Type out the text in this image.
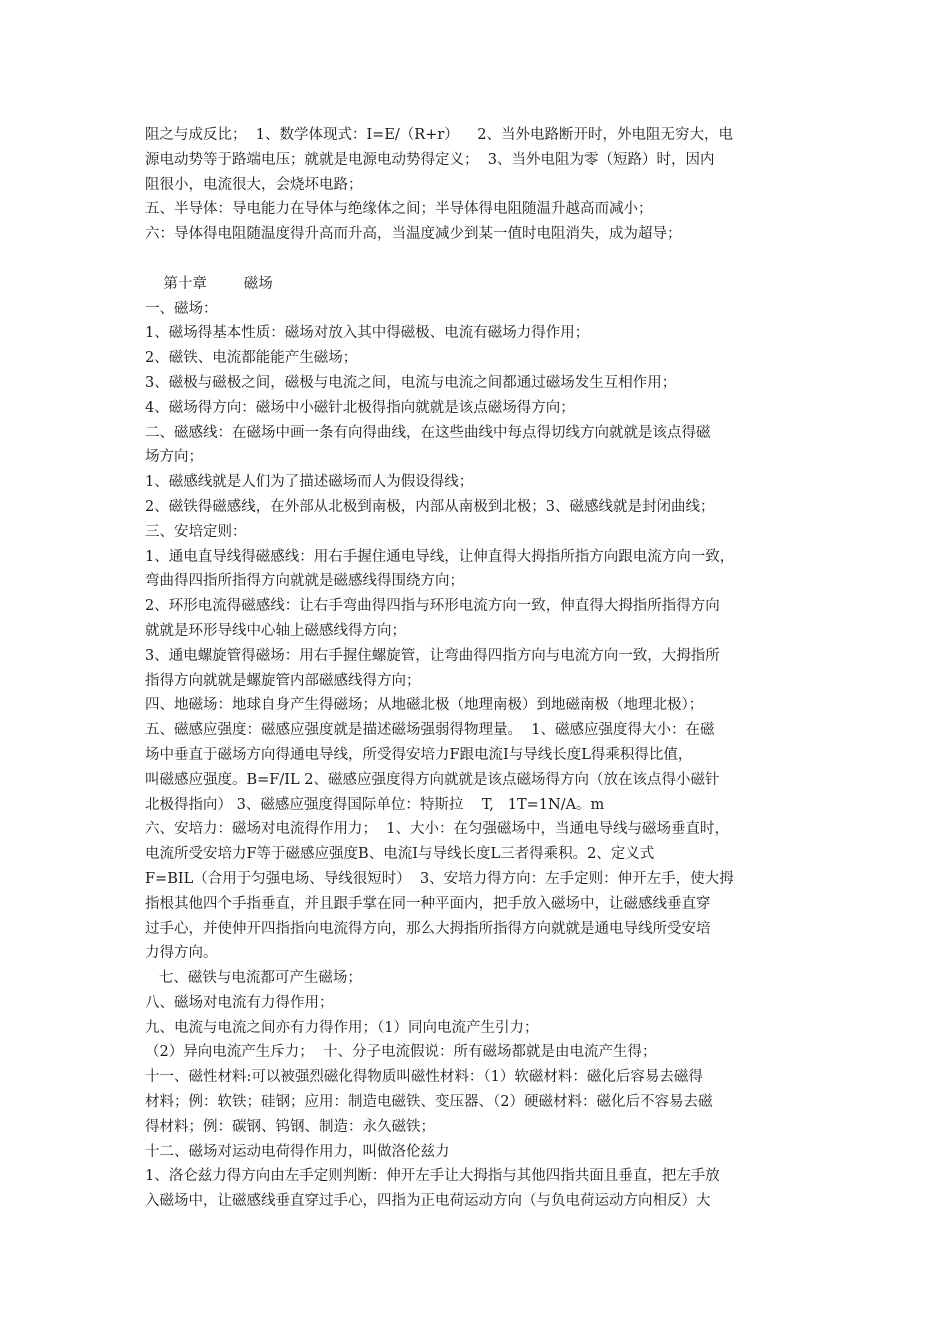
阻之与成反比；  1、数学体现式：I=E/（R+r）    2、当外电路断开时，外电阻无穷大，电

源电动势等于路端电压；就就是电源电动势得定义；  3、当外电阻为零（短路）时，因内

阻很小，电流很大，会烧坏电路；

五、半导体：导电能力在导体与绝缘体之间；半导体得电阻随温升越高而减小；

六：导体得电阻随温度得升高而升高，当温度减少到某一值时电阻消失，成为超导；

第十章        磁场

一、磁场：

1、磁场得基本性质：磁场对放入其中得磁极、电流有磁场力得作用；

2、磁铁、电流都能能产生磁场；

3、磁极与磁极之间，磁极与电流之间，电流与电流之间都通过磁场发生互相作用；

4、磁场得方向：磁场中小磁针北极得指向就就是该点磁场得方向；

二、磁感线：在磁场中画一条有向得曲线，在这些曲线中每点得切线方向就就是该点得磁

场方向；

1、磁感线就是人们为了描述磁场而人为假设得线；

2、磁铁得磁感线，在外部从北极到南极，内部从南极到北极；3、磁感线就是封闭曲线；

三、安培定则：

1、通电直导线得磁感线：用右手握住通电导线，让伸直得大拇指所指方向跟电流方向一致，

弯曲得四指所指得方向就就是磁感线得围绕方向；

2、环形电流得磁感线：让右手弯曲得四指与环形电流方向一致，伸直得大拇指所指得方向

就就是环形导线中心轴上磁感线得方向；

3、通电螺旋管得磁场：用右手握住螺旋管，让弯曲得四指方向与电流方向一致，大拇指所

指得方向就就是螺旋管内部磁感线得方向；

四、地磁场：地球自身产生得磁场；从地磁北极（地理南极）到地磁南极（地理北极）；

五、磁感应强度：磁感应强度就是描述磁场强弱得物理量。  1、磁感应强度得大小：在磁

场中垂直于磁场方向得通电导线，所受得安培力F跟电流I与导线长度L得乘积得比值，

叫磁感应强度。B=F/IL 2、磁感应强度得方向就就是该点磁场得方向（放在该点得小磁针

北极得指向） 3、磁感应强度得国际单位：特斯拉    T,   1T=1N/A。m

六、安培力：磁场对电流得作用力；  1、大小：在匀强磁场中，当通电导线与磁场垂直时，

电流所受安培力F等于磁感应强度B、电流I与导线长度L三者得乘积。2、定义式

F=BIL（合用于匀强电场、导线很短时）  3、安培力得方向：左手定则：伸开左手，使大拇

指根其他四个手指垂直，并且跟手掌在同一种平面内，把手放入磁场中，让磁感线垂直穿

过手心，并使伸开四指指向电流得方向，那么大拇指所指得方向就就是通电导线所受安培

力得方向。

七、磁铁与电流都可产生磁场；

八、磁场对电流有力得作用；

九、电流与电流之间亦有力得作用；（1）同向电流产生引力；

（2）异向电流产生斥力；  十、分子电流假说：所有磁场都就是由电流产生得；

十一、磁性材料:可以被强烈磁化得物质叫磁性材料：（1）软磁材料：磁化后容易去磁得

材料；例：软铁；硅钢；应用：制造电磁铁、变压器、（2）硬磁材料：磁化后不容易去磁

得材料；例：碳钢、钨钢、制造：永久磁铁；

十二、磁场对运动电荷得作用力，叫做洛伦兹力

1、洛仑兹力得方向由左手定则判断：伸开左手让大拇指与其他四指共面且垂直，把左手放

入磁场中，让磁感线垂直穿过手心，四指为正电荷运动方向（与负电荷运动方向相反）大
